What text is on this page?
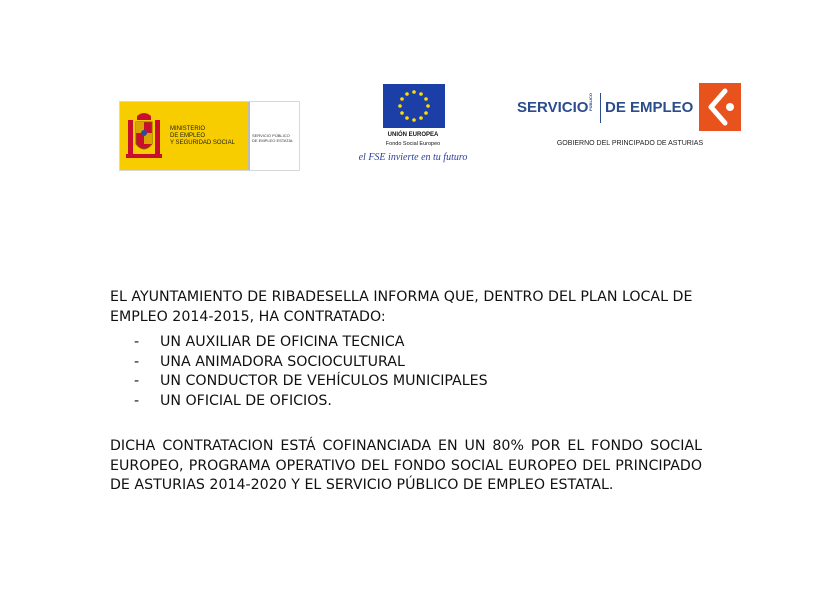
MINISTERIO
DE EMPLEO
Y SEGURIDAD SOCIAL
SERVICIO PÚBLICO
DE EMPLEO ESTATAL
UNIÓN EUROPEA
Fondo Social Europeo
el FSE invierte en tu futuro
SERVICIO PÚBLICO DE EMPLEO
GOBIERNO DEL PRINCIPADO DE ASTURIAS

EL AYUNTAMIENTO DE RIBADESELLA INFORMA QUE, DENTRO DEL PLAN LOCAL DE EMPLEO 2014-2015, HA CONTRATADO:

- UN AUXILIAR DE OFICINA TECNICA
- UNA ANIMADORA SOCIOCULTURAL
- UN CONDUCTOR DE VEHÍCULOS MUNICIPALES
- UN OFICIAL DE OFICIOS.

DICHA CONTRATACION ESTÁ COFINANCIADA EN UN 80% POR EL FONDO SOCIAL EUROPEO, PROGRAMA OPERATIVO DEL FONDO SOCIAL EUROPEO DEL PRINCIPADO DE ASTURIAS 2014-2020 Y EL SERVICIO PÚBLICO DE EMPLEO ESTATAL.
